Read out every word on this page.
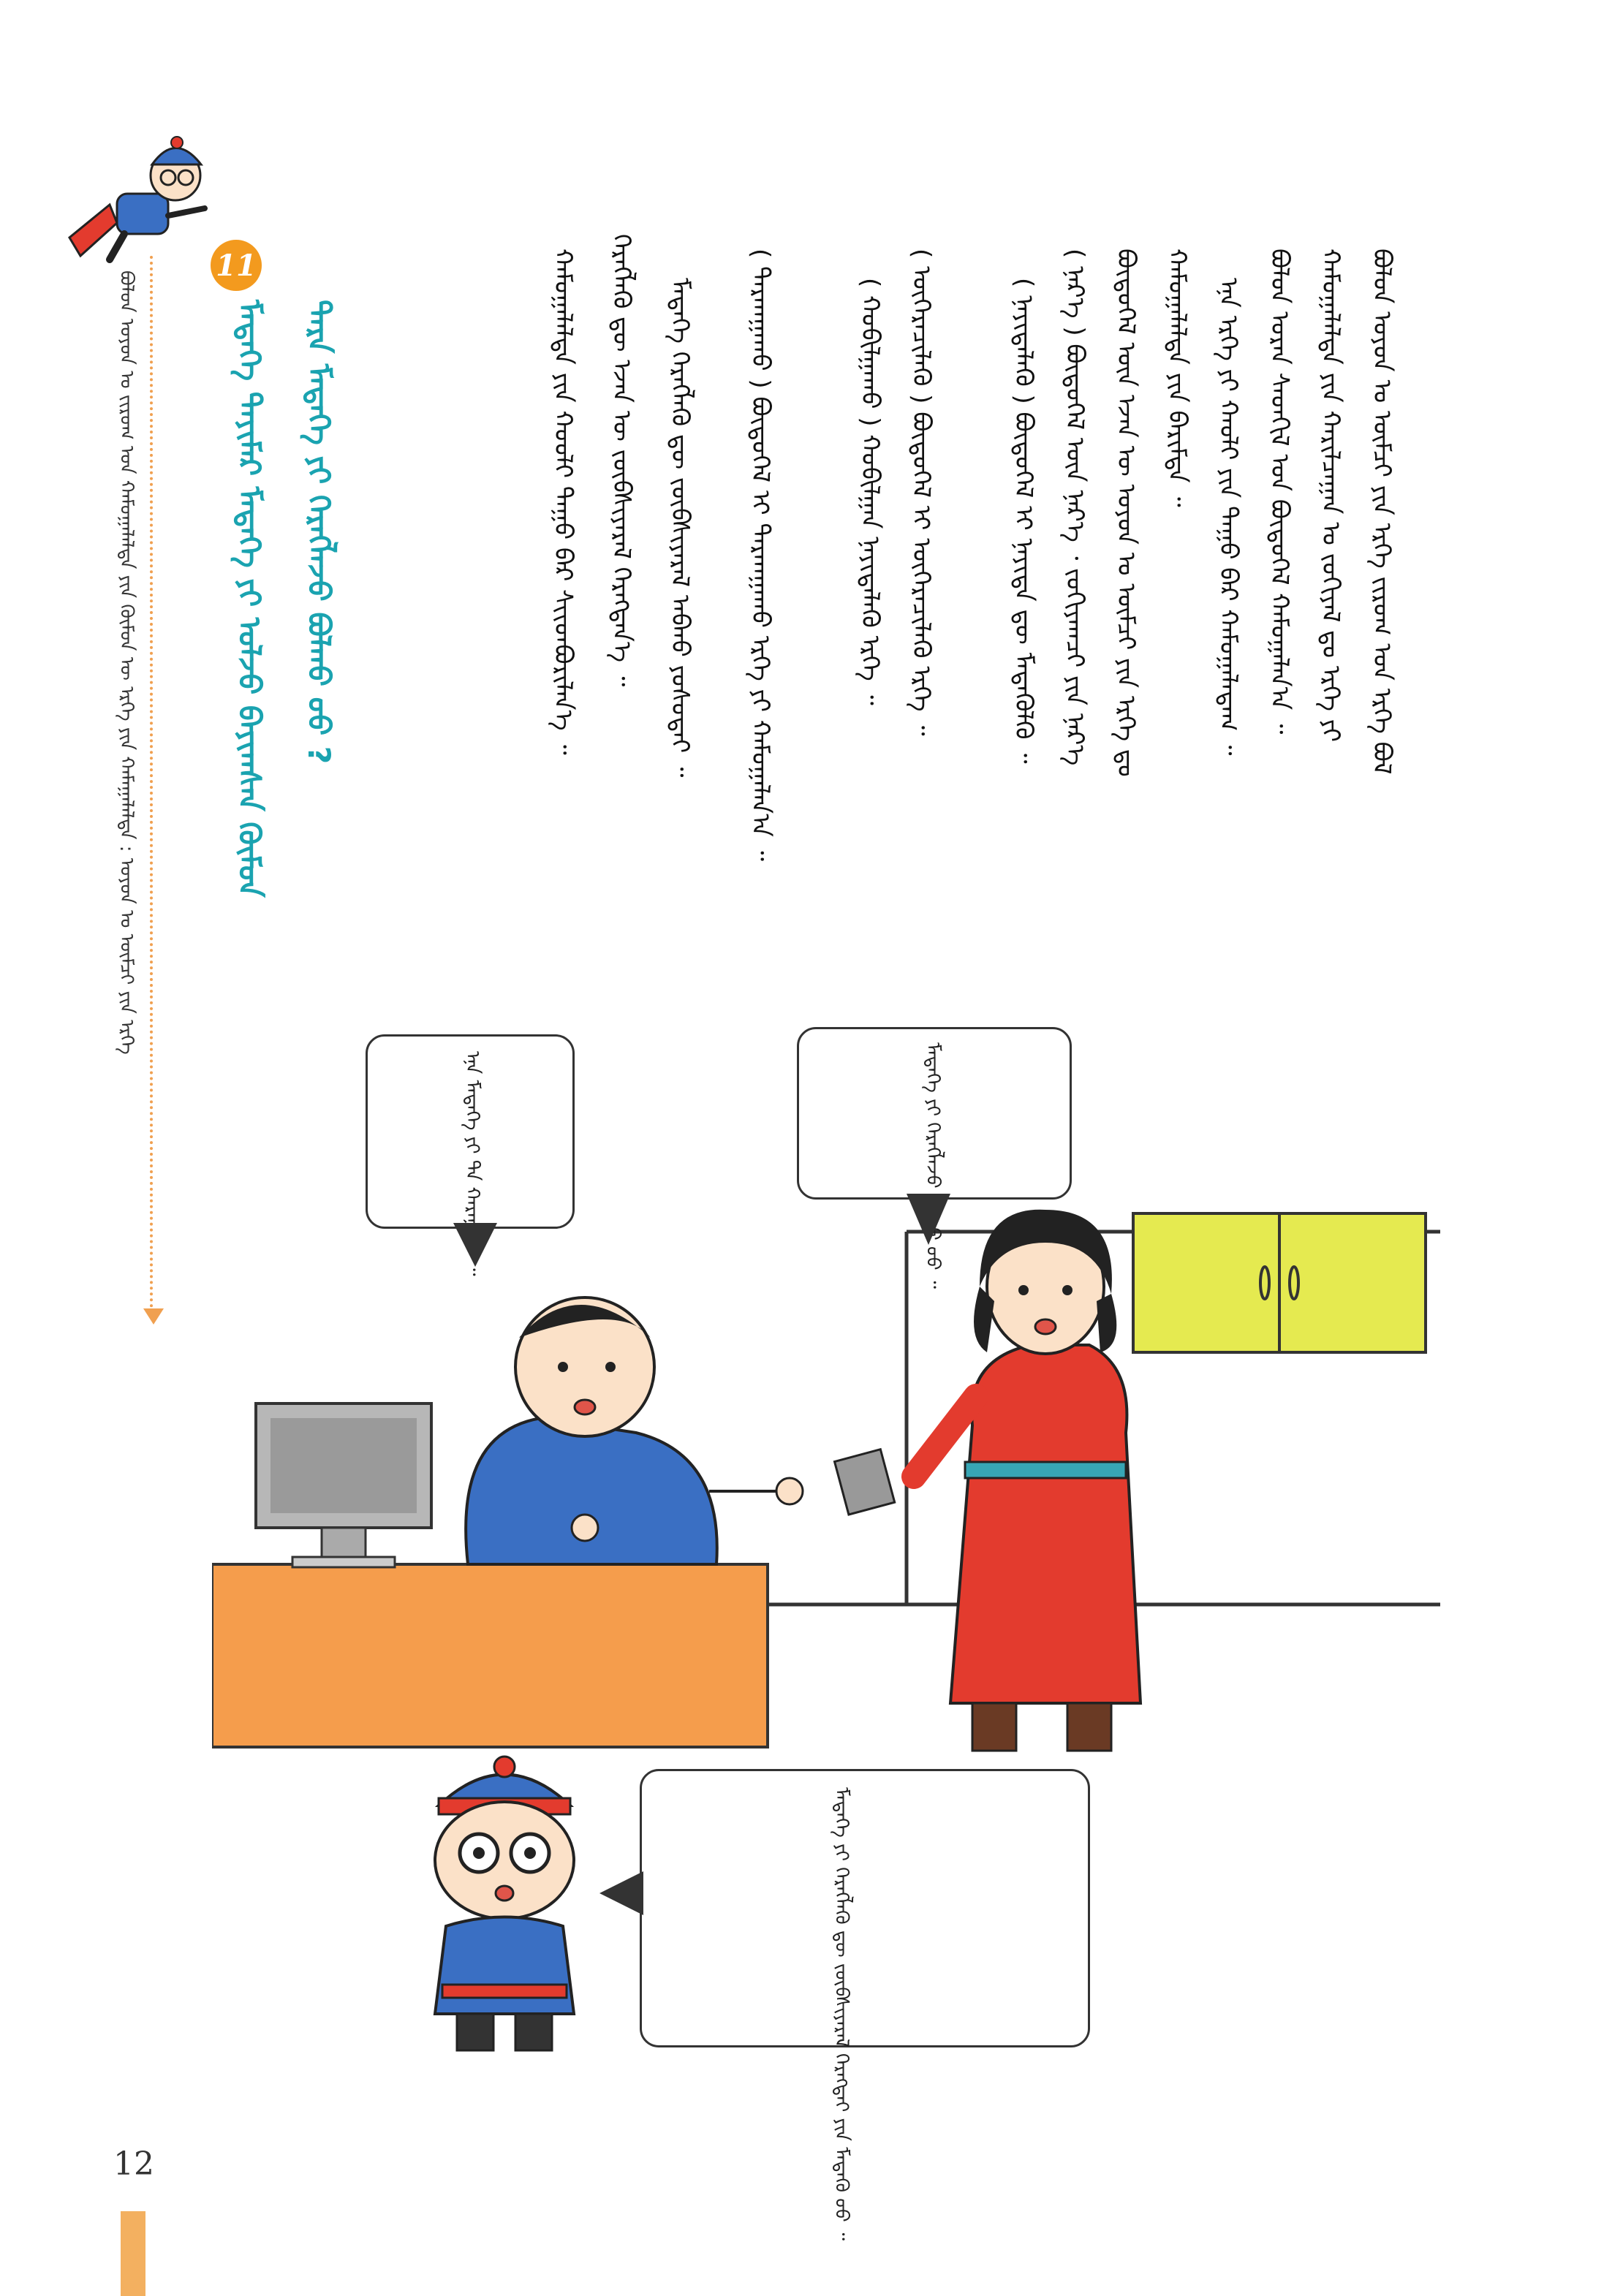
ᠪᠣᠯᠣᠨ ᠣᠶᠤᠨ ᠤ ᠵᠢᠷᠤᠭ ᠤᠨ ᠬᠠᠮᠤᠭᠠᠯᠠᠯᠲᠠ ᠶᠢᠨ ᠬᠦᠮᠦᠨ ᠦ ᠡᠷᠬᠡ ᠶᠢᠨ ᠬᠠᠮᠠᠭᠠᠯᠠᠯᠲᠠ : ᠣᠶᠤᠨ ᠤ ᠥᠮᠴᠢ ᠶᠢᠨ ᠡᠷᠬᠡ
11
ᠮᠡᠳᠡᠭᠡ ᠲᠡᠶᠢᠮᠡᠷ ᠮᠡᠳᠡᠭᠡ ᠶᠢ ᠣᠯᠵᠤ ᠪᠠᠶᠢᠭᠰᠠᠨ ᠬᠦᠮᠦᠨ ᠲᠡᠷᠡ ᠮᠡᠳᠡᠭᠡ ᠶᠢ ᠬᠡᠷᠡᠭᠯᠡᠵᠦ ᠪᠣᠯᠬᠤ ᠤᠤ ?	ᠪᠣᠯᠣᠨ ᠣᠶᠤᠨ ᠤ ᠥᠮᠴᠢ ᠶᠢᠨ ᠡᠷᠬᠡ ᠵᠢᠷᠤᠭ ᠤᠨ ᠡᠷᠬᠡ ᠪᠣᠯ
ᠬᠠᠮᠤᠭᠠᠯᠠᠯᠲᠠ ᠶᠢᠨ ᠬᠠᠷᠢᠯᠴᠠᠭᠠᠨ ᠤ ᠵᠣᠬᠢᠶᠠᠯ ᠳᠤ ᠡᠷᠬᠡ ᠶᠢ
ᠪᠣᠯᠣᠨ ᠤᠷᠠᠨ ᠰᠡᠳᠬᠢᠯ ᠤᠨ ᠪᠦᠲᠦᠭᠡᠯ ᠬᠠᠮᠤᠭᠠᠯᠠᠨ᠎ᠠ ᠃
ᠡᠨᠡ ᠡᠷᠬᠡ ᠶᠢ ᠬᠠᠤᠯᠢ ᠶᠢᠨ ᠳᠠᠭᠤ ᠪᠡᠷ ᠬᠠᠮᠤᠭᠠᠯᠠᠳᠠᠭ ᠃
ᠬᠠᠮᠤᠭᠠᠯᠠᠯᠲᠠ ᠶᠢᠨ ᠪᠠᠷᠢᠮᠲᠠ ᠃
ᠪᠦᠲᠦᠭᠡᠯ ᠦᠨ ᠡᠵᠡᠨ ᠦ ᠣᠶᠤᠨ ᠤ ᠥᠮᠴᠢ ᠶᠢᠨ ᠡᠷᠬᠡ ᠳᠤ
( ᠨᠡᠷ᠎ᠡ ) ᠪᠦᠲᠦᠭᠡᠯ ᠦᠨ ᠨᠡᠷ᠎ᠡ ᠂ ᠵᠣᠬᠢᠶᠠᠭᠴᠢ ᠶᠢᠨ ᠨᠡᠷ᠎ᠡ
( ᠨᠡᠶᠢᠲᠡᠯᠡᠬᠦ ) ᠪᠦᠲᠦᠭᠡᠯ ᠢ ᠨᠡᠶᠢᠲᠡ ᠳᠦ ᠮᠡᠳᠡᠭᠦᠯᠬᠦ ᠃
( ᠥᠭᠡᠷᠡᠴᠢᠯᠡᠬᠦ ) ᠪᠦᠲᠦᠭᠡᠯ ᠢ ᠥᠭᠡᠷᠡᠴᠢᠯᠡᠬᠦ ᠡᠷᠬᠡ ᠃
( ᠬᠤᠪᠢᠯᠭᠠᠬᠤ ) ᠬᠤᠪᠢᠯᠭᠠᠨ ᠨᠡᠶᠢᠲᠡᠯᠡᠬᠦ ᠡᠷᠬᠡ ᠃
( ᠲᠠᠷᠬᠠᠭᠠᠬᠤ ) ᠪᠦᠲᠦᠭᠡᠯ ᠢ ᠲᠠᠷᠬᠠᠭᠠᠬᠤ ᠡᠷᠬᠡ ᠶᠢ ᠬᠠᠮᠤᠭᠠᠯᠠᠨ᠎ᠠ ᠃
ᠮᠡᠳᠡᠭᠡ ᠬᠡᠷᠡᠭᠯᠡᠬᠦ ᠳᠦ ᠵᠥᠪᠰᠢᠶᠡᠷᠡᠯ ᠠᠪᠬᠤ ᠶᠣᠰᠣᠲᠠᠢ ᠃
ᠬᠡᠷᠡᠭᠯᠡᠬᠦ ᠳᠦ ᠡᠵᠡᠨ ᠦ ᠵᠥᠪᠰᠢᠶᠡᠷᠡᠯ ᠬᠡᠷᠡᠭᠳᠡᠨ᠎ᠡ ᠃
ᠬᠠᠮᠤᠭᠠᠯᠠᠯᠲᠠ ᠶᠢᠨ ᠬᠤᠤᠯᠢ ᠳᠠᠭᠤ ᠪᠡᠷ ᠰᠢᠢᠳᠪᠦᠷᠢᠯᠡᠨ᠎ᠡ ᠃
ᠡᠨᠡ ᠮᠡᠳᠡᠭᠡ ᠶᠢ ᠲᠠ ᠬᠠᠷᠠᠭᠠᠷᠠᠢ ᠃	ᠮᠡᠳᠡᠭᠡ ᠶᠢ ᠬᠡᠷᠡᠭᠯᠡᠵᠦ ᠪᠣᠯᠬᠤ ᠤᠤ ᠃
ᠮᠡᠳᠡᠭᠡ ᠶᠢ ᠬᠡᠷᠡᠭᠯᠡᠬᠦ ᠳᠦ ᠵᠥᠪᠰᠢᠶᠡᠷᠡᠯ ᠬᠡᠷᠡᠭᠲᠡᠢ ᠶᠢᠨ ᠮᠡᠳᠡᠬᠦ ᠦᠦ ᠃
12
